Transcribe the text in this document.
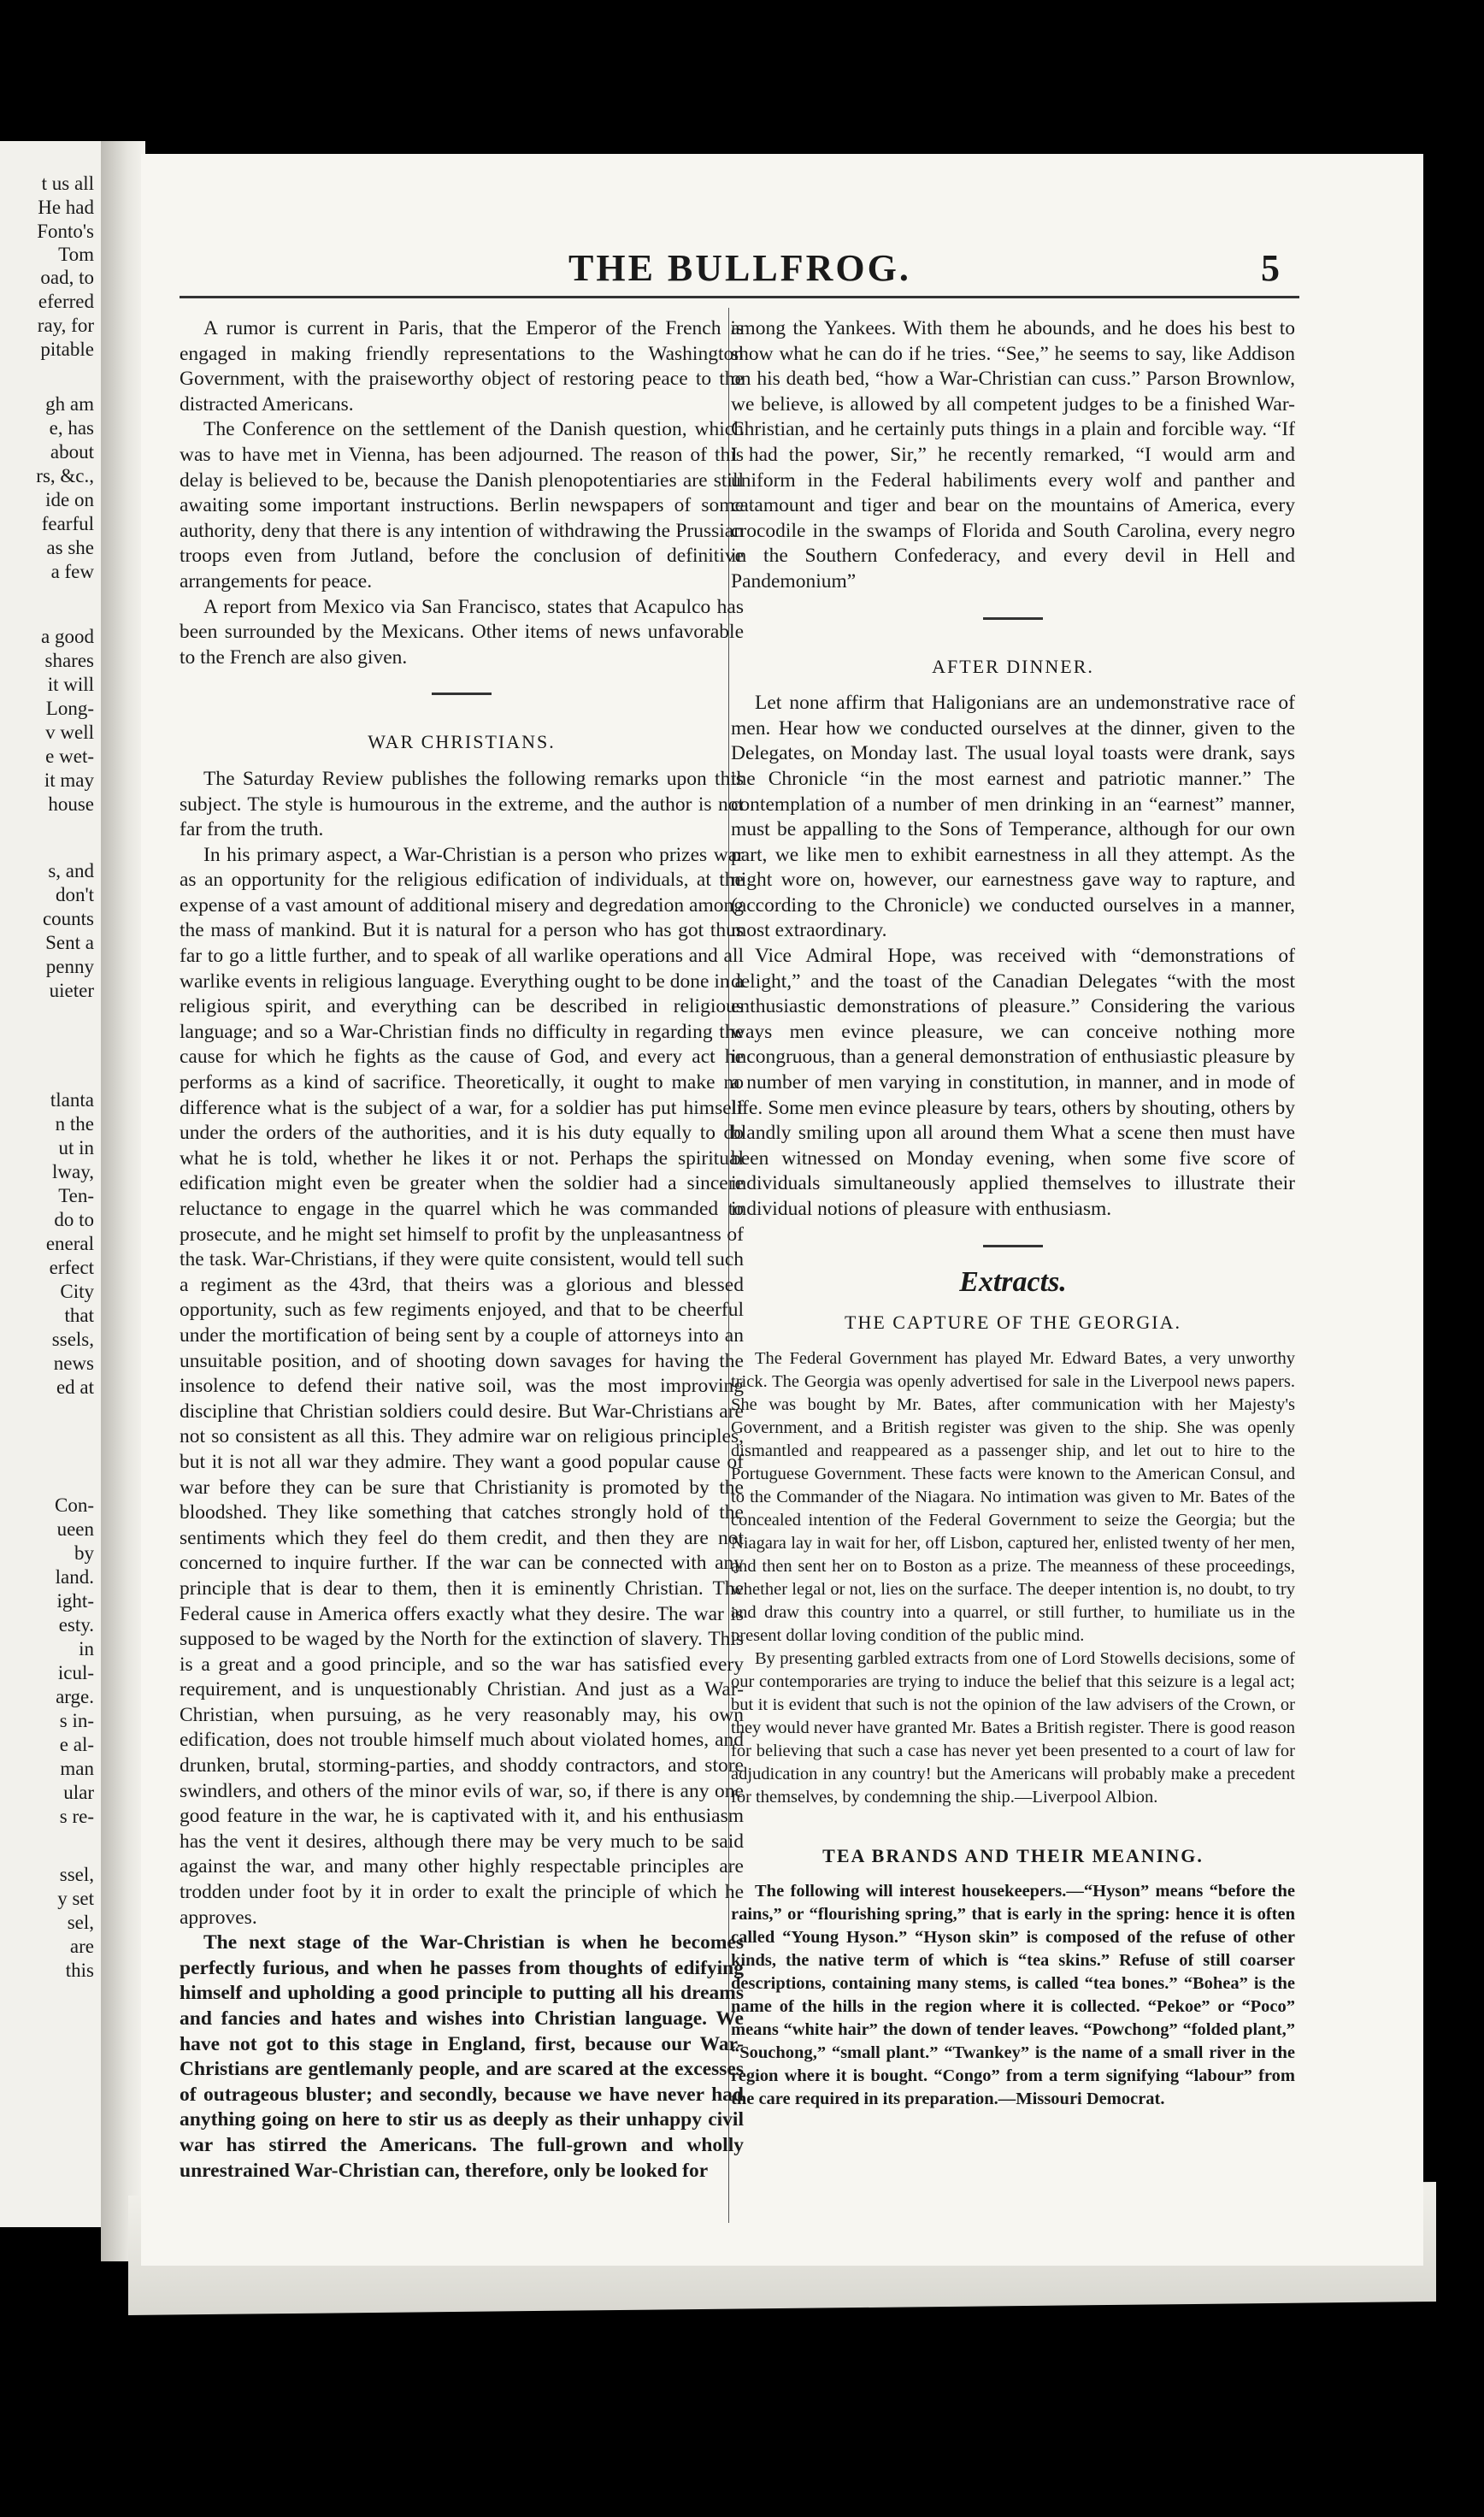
t us all
He had
Fonto's
Tom
oad, to
eferred
ray, for
pitable
gh am
e, has
about
rs, &c.,
ide on
fearful
as she
a few
a good
shares
it will
Long-
v well
e wet-
it may
house
s, and
don't
counts
Sent a
penny
uieter
tlanta
n the
ut in
lway,
Ten-
do to
eneral
erfect
City
that
ssels,
news
ed at
Con-
ueen
by
land.
ight-
esty.
in
icul-
arge.
s in-
e al-
man
ular
s re-
ssel,
y set
sel,
are
this
THE BULLFROG.	5

A rumor is current in Paris, that the Emperor of the French is engaged in making friendly representations to the Washington Government, with the praiseworthy object of restoring peace to the distracted Americans.

The Conference on the settlement of the Danish question, which was to have met in Vienna, has been adjourned. The reason of this delay is believed to be, because the Danish plenopotentiaries are still awaiting some important instructions. Berlin newspapers of some authority, deny that there is any intention of withdrawing the Prussian troops even from Jutland, before the conclusion of definitive arrangements for peace.

A report from Mexico via San Francisco, states that Acapulco has been surrounded by the Mexicans. Other items of news unfavorable to the French are also given.

WAR CHRISTIANS.

The Saturday Review publishes the following remarks upon this subject. The style is humourous in the extreme, and the author is not far from the truth.

In his primary aspect, a War-Christian is a person who prizes war as an opportunity for the religious edification of individuals, at the expense of a vast amount of additional misery and degredation among the mass of mankind. But it is natural for a person who has got thus far to go a little further, and to speak of all warlike operations and all warlike events in religious language. Everything ought to be done in a religious spirit, and everything can be described in religious language; and so a War-Christian finds no difficulty in regarding the cause for which he fights as the cause of God, and every act he performs as a kind of sacrifice. Theoretically, it ought to make no difference what is the subject of a war, for a soldier has put himself under the orders of the authorities, and it is his duty equally to do what he is told, whether he likes it or not. Perhaps the spiritual edification might even be greater when the soldier had a sincere reluctance to engage in the quarrel which he was commanded to prosecute, and he might set himself to profit by the unpleasantness of the task. War-Christians, if they were quite consistent, would tell such a regiment as the 43rd, that theirs was a glorious and blessed opportunity, such as few regiments enjoyed, and that to be cheerful under the mortification of being sent by a couple of attorneys into an unsuitable position, and of shooting down savages for having the insolence to defend their native soil, was the most improving discipline that Christian soldiers could desire. But War-Christians are not so consistent as all this. They admire war on religious principles, but it is not all war they admire. They want a good popular cause of war before they can be sure that Christianity is promoted by the bloodshed. They like something that catches strongly hold of the sentiments which they feel do them credit, and then they are not concerned to inquire further. If the war can be connected with any principle that is dear to them, then it is eminently Christian. The Federal cause in America offers exactly what they desire. The war is supposed to be waged by the North for the extinction of slavery. This is a great and a good principle, and so the war has satisfied every requirement, and is unquestionably Christian. And just as a War-Christian, when pursuing, as he very reasonably may, his own edification, does not trouble himself much about violated homes, and drunken, brutal, storming-parties, and shoddy contractors, and store swindlers, and others of the minor evils of war, so, if there is any one good feature in the war, he is captivated with it, and his enthusiasm has the vent it desires, although there may be very much to be said against the war, and many other highly respectable principles are trodden under foot by it in order to exalt the principle of which he approves.

The next stage of the War-Christian is when he becomes perfectly furious, and when he passes from thoughts of edifying himself and upholding a good principle to putting all his dreams and fancies and hates and wishes into Christian language. We have not got to this stage in England, first, because our War-Christians are gentlemanly people, and are scared at the excesses of outrageous bluster; and secondly, because we have never had anything going on here to stir us as deeply as their unhappy civil war has stirred the Americans. The full-grown and wholly unrestrained War-Christian can, therefore, only be looked for

among the Yankees. With them he abounds, and he does his best to show what he can do if he tries. “See,” he seems to say, like Addison on his death bed, “how a War-Christian can cuss.” Parson Brownlow, we believe, is allowed by all competent judges to be a finished War-Christian, and he certainly puts things in a plain and forcible way. “If I had the power, Sir,” he recently remarked, “I would arm and uniform in the Federal habiliments every wolf and panther and catamount and tiger and bear on the mountains of America, every crocodile in the swamps of Florida and South Carolina, every negro in the Southern Confederacy, and every devil in Hell and Pandemonium”

AFTER DINNER.

Let none affirm that Haligonians are an undemonstrative race of men. Hear how we conducted ourselves at the dinner, given to the Delegates, on Monday last. The usual loyal toasts were drank, says the Chronicle “in the most earnest and patriotic manner.” The contemplation of a number of men drinking in an “earnest” manner, must be appalling to the Sons of Temperance, although for our own part, we like men to exhibit earnestness in all they attempt. As the night wore on, however, our earnestness gave way to rapture, and (according to the Chronicle) we conducted ourselves in a manner, most extraordinary.

Vice Admiral Hope, was received with “demonstrations of delight,” and the toast of the Canadian Delegates “with the most enthusiastic demonstrations of pleasure.” Considering the various ways men evince pleasure, we can conceive nothing more incongruous, than a general demonstration of enthusiastic pleasure by a number of men varying in constitution, in manner, and in mode of life. Some men evince pleasure by tears, others by shouting, others by blandly smiling upon all around them What a scene then must have been witnessed on Monday evening, when some five score of individuals simultaneously applied themselves to illustrate their individual notions of pleasure with enthusiasm.

Extracts.
THE CAPTURE OF THE GEORGIA.

The Federal Government has played Mr. Edward Bates, a very unworthy trick. The Georgia was openly advertised for sale in the Liverpool news papers. She was bought by Mr. Bates, after communication with her Majesty's Government, and a British register was given to the ship. She was openly dismantled and reappeared as a passenger ship, and let out to hire to the Portuguese Government. These facts were known to the American Consul, and to the Commander of the Niagara. No intimation was given to Mr. Bates of the concealed intention of the Federal Government to seize the Georgia; but the Niagara lay in wait for her, off Lisbon, captured her, enlisted twenty of her men, and then sent her on to Boston as a prize. The meanness of these proceedings, whether legal or not, lies on the surface. The deeper intention is, no doubt, to try and draw this country into a quarrel, or still further, to humiliate us in the present dollar loving condition of the public mind.

By presenting garbled extracts from one of Lord Stowells decisions, some of our contemporaries are trying to induce the belief that this seizure is a legal act; but it is evident that such is not the opinion of the law advisers of the Crown, or they would never have granted Mr. Bates a British register. There is good reason for believing that such a case has never yet been presented to a court of law for adjudication in any country! but the Americans will probably make a precedent for themselves, by condemning the ship.—Liverpool Albion.

TEA BRANDS AND THEIR MEANING.

The following will interest housekeepers.—“Hyson” means “before the rains,” or “flourishing spring,” that is early in the spring: hence it is often called “Young Hyson.” “Hyson skin” is composed of the refuse of other kinds, the native term of which is “tea skins.” Refuse of still coarser descriptions, containing many stems, is called “tea bones.” “Bohea” is the name of the hills in the region where it is collected. “Pekoe” or “Poco” means “white hair” the down of tender leaves. “Powchong” “folded plant,” “Souchong,” “small plant.” “Twankey” is the name of a small river in the region where it is bought. “Congo” from a term signifying “labour” from the care required in its preparation.—Missouri Democrat.
